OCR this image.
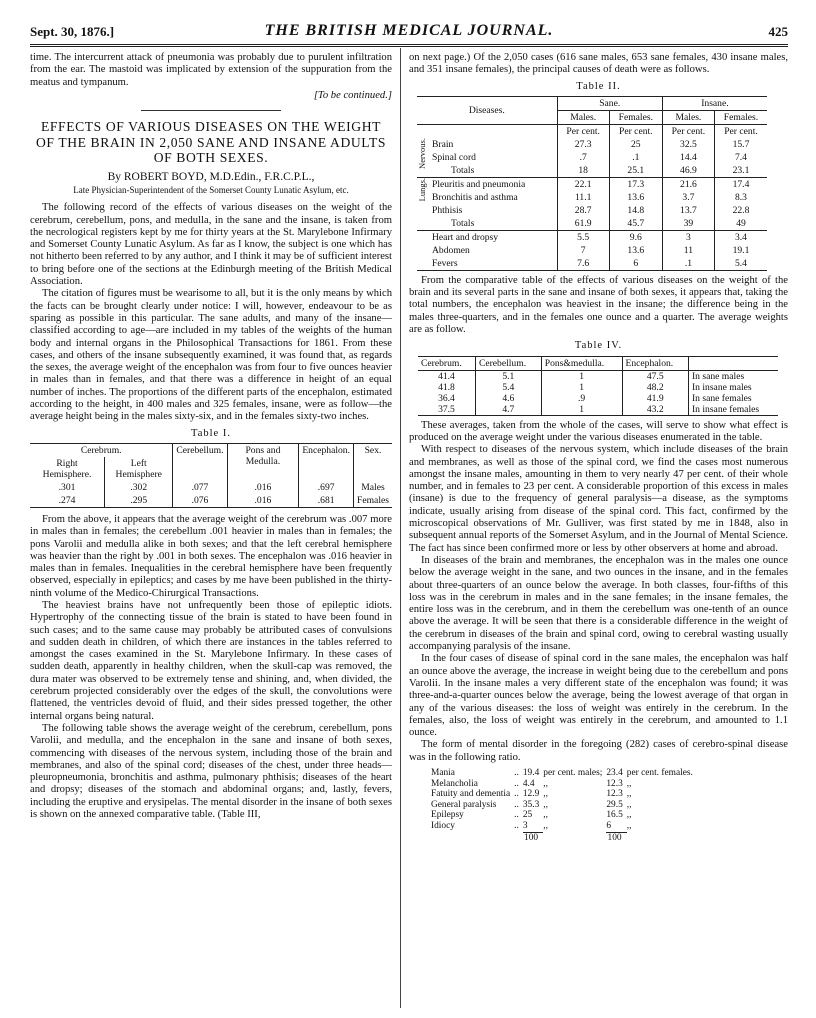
Sept. 30, 1876.]	THE BRITISH MEDICAL JOURNAL.	425

time. The intercurrent attack of pneumonia was probably due to purulent infiltration from the ear. The mastoid was implicated by extension of the suppuration from the meatus and tympanum.

[To be continued.]
EFFECTS OF VARIOUS DISEASES ON THE WEIGHT OF THE BRAIN IN 2,050 SANE AND INSANE ADULTS OF BOTH SEXES.
By ROBERT BOYD, M.D.Edin., F.R.C.P.L.,
Late Physician-Superintendent of the Somerset County Lunatic Asylum, etc.

The following record of the effects of various diseases on the weight of the cerebrum, cerebellum, pons, and medulla, in the sane and the insane, is taken from the necrological registers kept by me for thirty years at the St. Marylebone Infirmary and Somerset County Lunatic Asylum. As far as I know, the subject is one which has not hitherto been referred to by any author, and I think it may be of sufficient interest to bring before one of the sections at the Edinburgh meeting of the British Medical Association.

The citation of figures must be wearisome to all, but it is the only means by which the facts can be brought clearly under notice: I will, however, endeavour to be as sparing as possible in this particular. The sane adults, and many of the insane—classified according to age—are included in my tables of the weights of the human body and internal organs in the Philosophical Transactions for 1861. From these cases, and others of the insane subsequently examined, it was found that, as regards the sexes, the average weight of the encephalon was from four to five ounces heavier in males than in females, and that there was a difference in height of an equal number of inches. The proportions of the different parts of the encephalon, estimated according to the height, in 400 males and 325 females, insane, were as follow—the average height being in the males sixty-six, and in the females sixty-two inches.

Table I.
Cerebrum.		Cerebellum.	Pons and Medulla.	Encephalon.	Sex.
Right Hemisphere.	Left Hemisphere				
.301	.302	.077	.016	.697	Males
.274	.295	.076	.016	.681	Females

From the above, it appears that the average weight of the cerebrum was .007 more in males than in females; the cerebellum .001 heavier in males than in females; the pons Varolii and medulla alike in both sexes; and that the left cerebral hemisphere was heavier than the right by .001 in both sexes. The encephalon was .016 heavier in males than in females. Inequalities in the cerebral hemisphere have been frequently observed, especially in epileptics; and cases by me have been published in the thirty-ninth volume of the Medico-Chirurgical Transactions.

The heaviest brains have not unfrequently been those of epileptic idiots. Hypertrophy of the connecting tissue of the brain is stated to have been found in such cases; and to the same cause may probably be attributed cases of convulsions and sudden death in children, of which there are instances in the tables referred to amongst the cases examined in the St. Marylebone Infirmary. In these cases of sudden death, apparently in healthy children, when the skull-cap was removed, the dura mater was observed to be extremely tense and shining, and, when divided, the cerebrum projected considerably over the edges of the skull, the convolutions were flattened, the ventricles devoid of fluid, and their sides pressed together, the other internal organs being natural.

The following table shows the average weight of the cerebrum, cerebellum, pons Varolii, and medulla, and the encephalon in the sane and insane of both sexes, commencing with diseases of the nervous system, including those of the brain and membranes, and also of the spinal cord; diseases of the chest, under three heads—pleuropneumonia, bronchitis and asthma, pulmonary phthisis; diseases of the heart and dropsy; diseases of the stomach and abdominal organs; and, lastly, fevers, including the eruptive and erysipelas. The mental disorder in the insane of both sexes is shown on the annexed comparative table. (Table III,

on next page.) Of the 2,050 cases (616 sane males, 653 sane females, 430 insane males, and 351 insane females), the principal causes of death were as follows.

Table II.
Diseases.		Sane.		Insane.	
		Males.	Females.	Males.	Females.
		Per cent.	Per cent.	Per cent.	Per cent.
Nervous.	Brain	27.3	25	32.5	15.7
	Spinal cord	.7	.1	14.4	7.4
	Totals	18	25.1	46.9	23.1
Lungs.	Pleuritis and pneumonia	22.1	17.3	21.6	17.4
	Bronchitis and asthma	11.1	13.6	3.7	8.3
	Phthisis	28.7	14.8	13.7	22.8
	Totals	61.9	45.7	39	49
	Heart and dropsy	5.5	9.6	3	3.4
	Abdomen	7	13.6	11	19.1
	Fevers	7.6	6	.1	5.4

From the comparative table of the effects of various diseases on the weight of the brain and its several parts in the sane and insane of both sexes, it appears that, taking the total numbers, the encephalon was heaviest in the insane; the difference being in the males three-quarters, and in the females one ounce and a quarter. The average weights are as follow.

Table IV.
Cerebrum.	Cerebellum.	Pons&medulla.	Encephalon.	
41.4	5.1	1	47.5	In sane males
41.8	5.4	1	48.2	In insane males
36.4	4.6	.9	41.9	In sane females
37.5	4.7	1	43.2	In insane females

These averages, taken from the whole of the cases, will serve to show what effect is produced on the average weight under the various diseases enumerated in the table.

With respect to diseases of the nervous system, which include diseases of the brain and membranes, as well as those of the spinal cord, we find the cases most numerous amongst the insane males, amounting in them to very nearly 47 per cent. of their whole number, and in females to 23 per cent. A considerable proportion of this excess in males (insane) is due to the frequency of general paralysis—a disease, as the symptoms indicate, usually arising from disease of the spinal cord. This fact, confirmed by the microscopical observations of Mr. Gulliver, was first stated by me in 1848, also in subsequent annual reports of the Somerset Asylum, and in the Journal of Mental Science. The fact has since been confirmed more or less by other observers at home and abroad.

In diseases of the brain and membranes, the encephalon was in the males one ounce below the average weight in the sane, and two ounces in the insane, and in the females about three-quarters of an ounce below the average. In both classes, four-fifths of this loss was in the cerebrum in males and in the sane females; in the insane females, the entire loss was in the cerebrum, and in them the cerebellum was one-tenth of an ounce above the average. It will be seen that there is a considerable difference in the weight of the cerebrum in diseases of the brain and spinal cord, owing to cerebral wasting usually accompanying paralysis of the insane.

In the four cases of disease of spinal cord in the sane males, the encephalon was half an ounce above the average, the increase in weight being due to the cerebellum and pons Varolii. In the insane males a very different state of the encephalon was found; it was three-and-a-quarter ounces below the average, being the lowest average of that organ in any of the various diseases: the loss of weight was entirely in the cerebrum. In the females, also, the loss of weight was entirely in the cerebrum, and amounted to 1.1 ounce.

The form of mental disorder in the foregoing (282) cases of cerebro-spinal disease was in the following ratio.

Mania	..	19.4	per cent. males;	23.4	per cent. females.
Melancholia	..	4.4	,,	12.3	,,
Fatuity and dementia	..	12.9	,,	12.3	,,
General paralysis	..	35.3	,,	29.5	,,
Epilepsy	..	25	,,	16.5	,,
Idiocy	..	3	,,	6	,,
		100		100	
